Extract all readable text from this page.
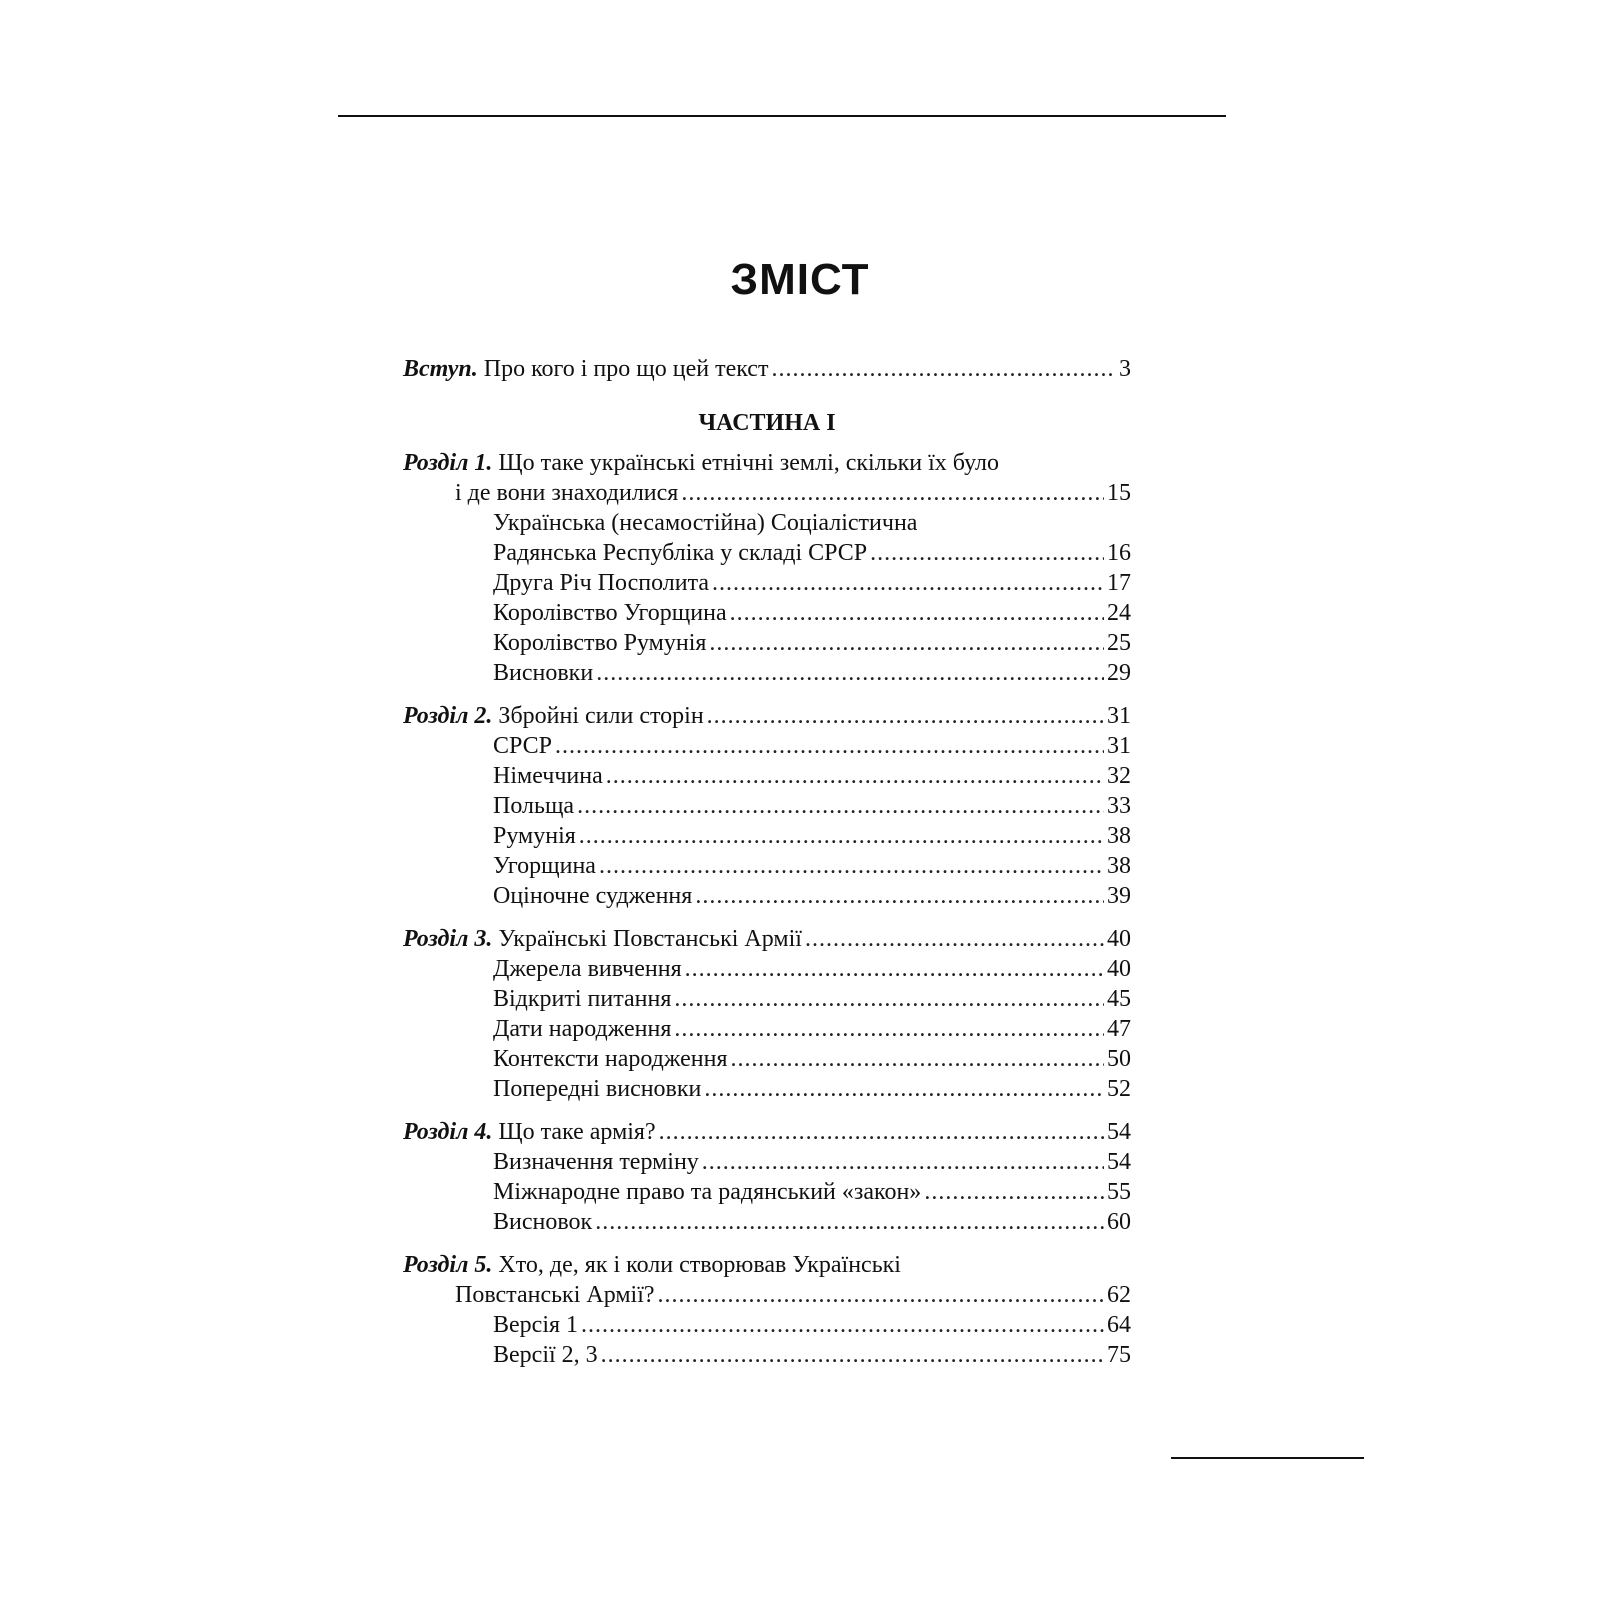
ЗМІСТ
Вступ. Про кого і про що цей текст .....	3
ЧАСТИНА І
Розділ 1. Що таке українські етнічні землі, скільки їх було
і де вони знаходилися .....	15
Українська (несамостійна) Соціалістична
Радянська Республіка у складі СРСР .....	16
Друга Річ Посполита .....	17
Королівство Угорщина .....	24
Королівство Румунія .....	25
Висновки .....	29
Розділ 2. Збройні сили сторін .....	31
СРСР .....	31
Німеччина .....	32
Польща .....	33
Румунія .....	38
Угорщина .....	38
Оціночне судження .....	39
Розділ 3. Українські Повстанські Армії .....	40
Джерела вивчення .....	40
Відкриті питання .....	45
Дати народження .....	47
Контексти народження .....	50
Попередні висновки .....	52
Розділ 4. Що таке армія? .....	54
Визначення терміну .....	54
Міжнародне право та радянський «закон» .....	55
Висновок .....	60
Розділ 5. Хто, де, як і коли створював Українські
Повстанські Армії? .....	62
Версія 1 .....	64
Версії 2, 3 .....	75
